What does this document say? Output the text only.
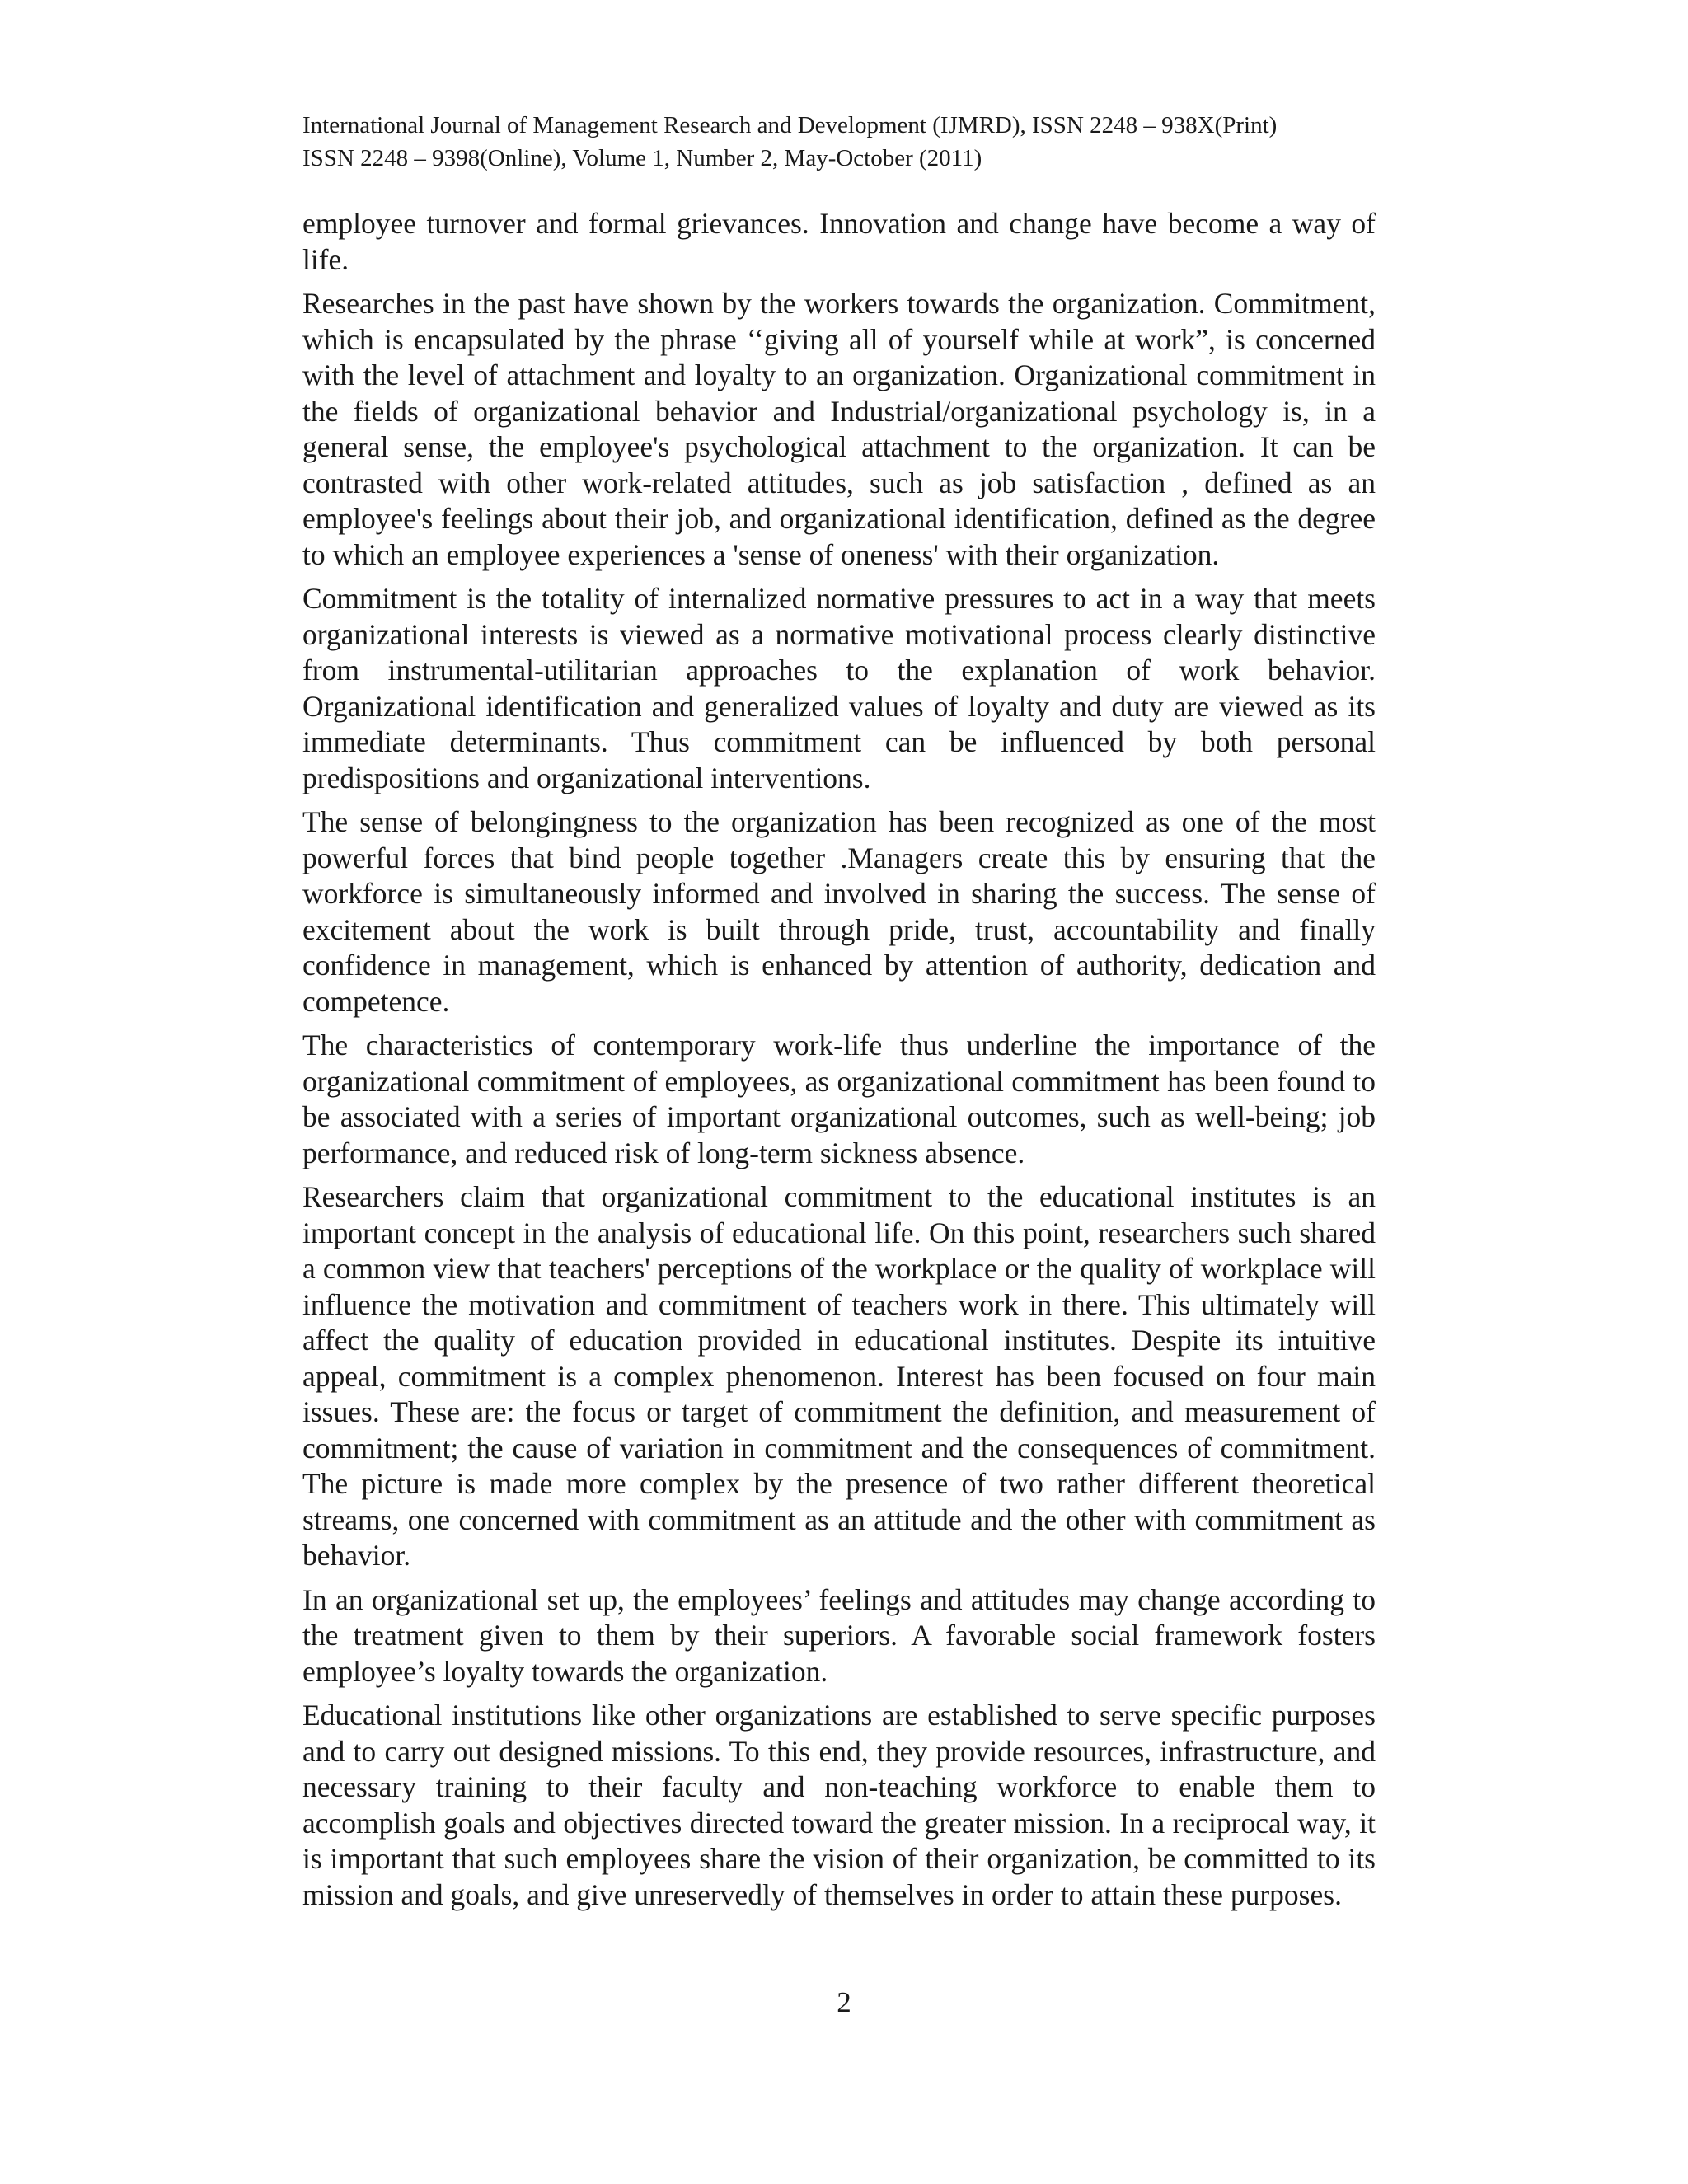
International Journal of Management Research and Development (IJMRD), ISSN 2248 – 938X(Print)
ISSN 2248 – 9398(Online), Volume 1, Number 2, May-October (2011)

employee turnover and formal grievances. Innovation and change have become a way of life.

Researches in the past have shown by the workers towards the organization. Commitment, which is encapsulated by the phrase ‘‘giving all of yourself while at work”, is concerned with the level of attachment and loyalty to an organization. Organizational commitment in the fields of organizational behavior and Industrial/organizational psychology is, in a general sense, the employee's psychological attachment to the organization. It can be contrasted with other work-related attitudes, such as job satisfaction , defined as an employee's feelings about their job, and organizational identification, defined as the degree to which an employee experiences a 'sense of oneness' with their organization.

Commitment is the totality of internalized normative pressures to act in a way that meets organizational interests is viewed as a normative motivational process clearly distinctive from instrumental-utilitarian approaches to the explanation of work behavior. Organizational identification and generalized values of loyalty and duty are viewed as its immediate determinants. Thus commitment can be influenced by both personal predispositions and organizational interventions.

The sense of belongingness to the organization has been recognized as one of the most powerful forces that bind people together .Managers create this by ensuring that the workforce is simultaneously informed and involved in sharing the success. The sense of excitement about the work is built through pride, trust, accountability and finally confidence in management, which is enhanced by attention of authority, dedication and competence.

The characteristics of contemporary work-life thus underline the importance of the organizational commitment of employees, as organizational commitment has been found to be associated with a series of important organizational outcomes, such as well-being; job performance, and reduced risk of long-term sickness absence.

Researchers claim that organizational commitment to the educational institutes is an important concept in the analysis of educational life. On this point, researchers such shared a common view that teachers' perceptions of the workplace or the quality of workplace will influence the motivation and commitment of teachers work in there. This ultimately will affect the quality of education provided in educational institutes. Despite its intuitive appeal, commitment is a complex phenomenon. Interest has been focused on four main issues. These are: the focus or target of commitment the definition, and measurement of commitment; the cause of variation in commitment and the consequences of commitment. The picture is made more complex by the presence of two rather different theoretical streams, one concerned with commitment as an attitude and the other with commitment as behavior.

In an organizational set up, the employees’ feelings and attitudes may change according to the treatment given to them by their superiors. A favorable social framework fosters employee’s loyalty towards the organization.

Educational institutions like other organizations are established to serve specific purposes and to carry out designed missions. To this end, they provide resources, infrastructure, and necessary training to their faculty and non-teaching workforce to enable them to accomplish goals and objectives directed toward the greater mission. In a reciprocal way, it is important that such employees share the vision of their organization, be committed to its mission and goals, and give unreservedly of themselves in order to attain these purposes.

2
